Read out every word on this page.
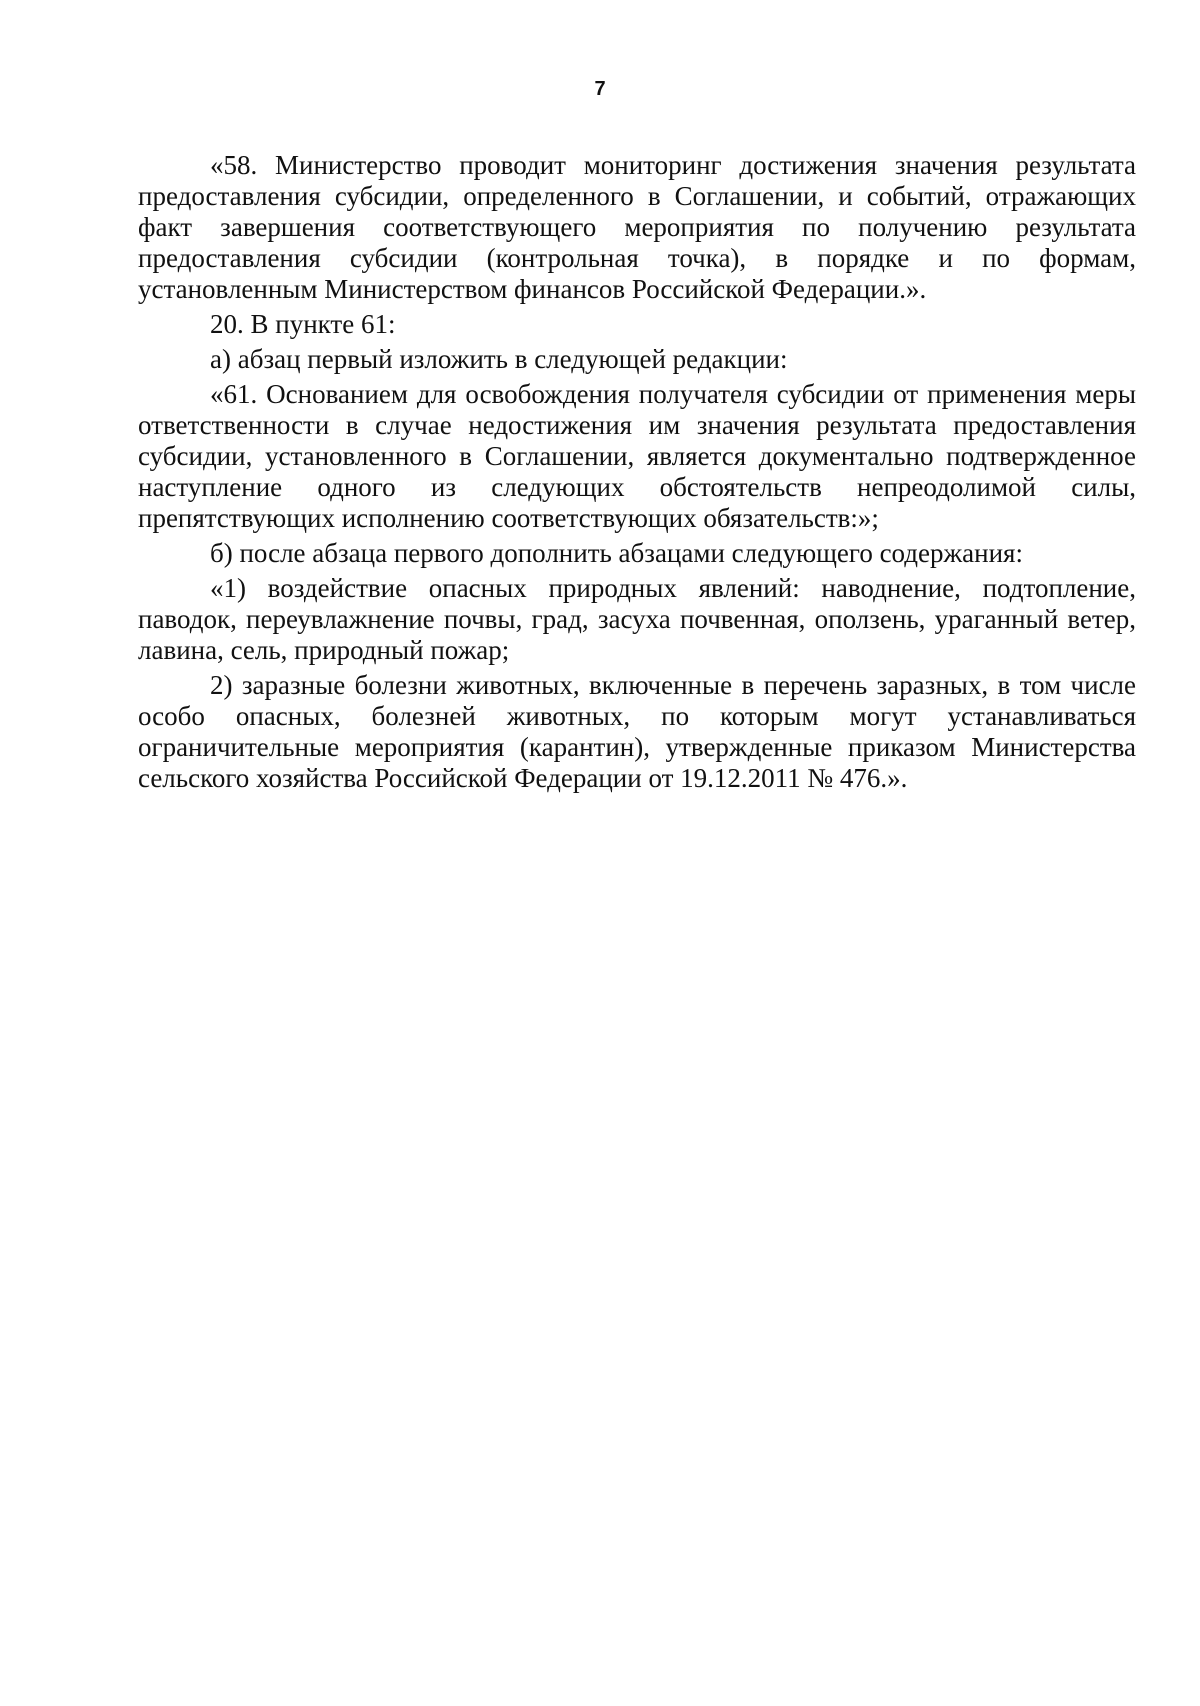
7

«58. Министерство проводит мониторинг достижения значения результата предоставления субсидии, определенного в Соглашении, и событий, отражающих факт завершения соответствующего мероприятия по получению результата предоставления субсидии (контрольная точка), в порядке и по формам, установленным Министерством финансов Российской Федерации.».

20. В пункте 61:

а) абзац первый изложить в следующей редакции:

«61. Основанием для освобождения получателя субсидии от применения меры ответственности в случае недостижения им значения результата предоставления субсидии, установленного в Соглашении, является документально подтвержденное наступление одного из следующих обстоятельств непреодолимой силы, препятствующих исполнению соответствующих обязательств:»;

б) после абзаца первого дополнить абзацами следующего содержания:

«1) воздействие опасных природных явлений: наводнение, подтопление, паводок, переувлажнение почвы, град, засуха почвенная, оползень, ураганный ветер, лавина, сель, природный пожар;

2) заразные болезни животных, включенные в перечень заразных, в том числе особо опасных, болезней животных, по которым могут устанавливаться ограничительные мероприятия (карантин), утвержденные приказом Министерства сельского хозяйства Российской Федерации от 19.12.2011 № 476.».
